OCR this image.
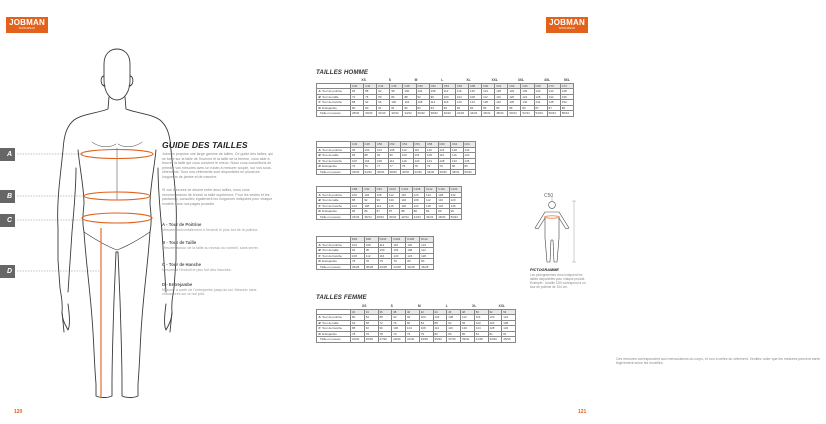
JOBMAN
WORKWEAR
A
B
C
D
GUIDE DES TAILLES
Jobman propose une large gamme de tailles. Ce guide des tailles, qui se base sur la taille de l'homme et la taille de la femme, vous aide à trouver la taille qui vous convient le mieux. Nous vous conseillons de prendre vos mesures avec un ruban à mesurer souple, sur vos sous-vêtements. Tous nos vêtements sont disponibles en plusieurs longueurs de jambe et de manche.
Si vos mesures se situent entre deux tailles, nous vous recommandons de choisir la taille supérieure. Pour les vestes et les pantalons, consultez également les longueurs indiquées pour chaque modèle dans nos pages produits.
A - Tour de Poitrine
Mesurer horizontalement à l'endroit le plus fort de la poitrine.
B - Tour de Taille
Mesurer autour de la taille au niveau du nombril, sans serrer.
C - Tour de Hanche
Mesurer à l'endroit le plus fort des hanches.
D - Entrejambe
Mesurer à partir de l'entrejambe jusqu'au sol. Mesurer sans chaussures sur un sol plat.
120
JOBMAN
WORKWEAR
TAILLES HOMME
	XS		S		M		L		XL		XXL		3XL		4XL		5XL
	C40	C42	C44	C46	C48	C50	C52	C54	C56	C58	C60	C62	C64	C66	C68	C70	C72
A Tour de poitrine	84	88	92	96	100	104	108	112	116	120	124	128	132	136	140	144	148
B Tour de taille	72	76	80	84	88	92	96	100	104	108	112	116	120	124	128	132	136
C Tour de hanche	88	92	96	100	104	108	112	116	120	124	128	132	136	140	144	148	152
D Entrejambe	80	80	81	81	82	82	83	83	84	84	85	85	86	86	87	87	88
Taille en pouces	28/30	30/30	31/30	33/32	34/32	36/32	38/32	40/32	42/32	44/32	46/32	48/34	50/34	52/34	54/34	56/34	58/34
	C46	C48	C50	C52	C54	C56	C58	C60	C62	C64
A Tour de poitrine	96	100	104	108	112	116	120	124	128	132
B Tour de taille	84	88	92	96	100	104	108	112	116	120
C Tour de hanche	100	104	108	112	116	120	124	128	132	136
D Entrejambe	76	76	77	77	78	78	79	79	80	80
Taille en pouces	33/30	34/30	36/30	38/30	40/30	42/30	44/30	46/30	48/32	50/32
	C88	C92	C96	C100	C104	C108	C112	C116	C120
A Tour de poitrine	100	104	108	112	116	120	124	128	132
B Tour de taille	88	92	96	100	104	108	112	116	120
C Tour de hanche	104	108	112	116	120	124	128	132	136
D Entrejambe	86	86	87	87	88	88	89	89	90
Taille en pouces	34/34	36/34	38/34	40/34	42/34	44/34	46/34	48/34	50/34
	D92	D96	D100	D104	D108	D112
A Tour de poitrine	104	108	112	116	120	124
B Tour de taille	92	96	100	104	108	112
C Tour de hanche	108	112	116	120	124	128
D Entrejambe	78	78	79	79	80	80
Taille en pouces	36/28	38/28	40/28	42/28	44/28	46/28
TAILLES FEMME
	XS		S		M		L		XL		XXL	
	32	34	36	38	40	42	44	46	48	50	52	54
A Tour de poitrine	80	84	88	92	96	100	104	108	112	116	120	124
B Tour de taille	64	68	72	76	80	84	88	92	96	100	104	108
C Tour de hanche	88	92	96	100	104	108	112	116	120	124	128	132
D Entrejambe	78	78	78	79	79	79	80	80	80	81	81	81
Taille en pouces	24/30	26/30	27/30	29/30	31/30	33/30	35/30	37/30	39/30	41/30	43/30	45/30
Ces mesures correspondent aux mensurations du corps, et non à celles du vêtement. Veuillez noter que les mesures peuvent varier légèrement selon les modèles.
121
C50
PICTOGRAMME
Les pictogrammes vous indiquent les tailles disponibles pour chaque produit. Exemple : la taille C50 correspond à un tour de poitrine de 104 cm.
